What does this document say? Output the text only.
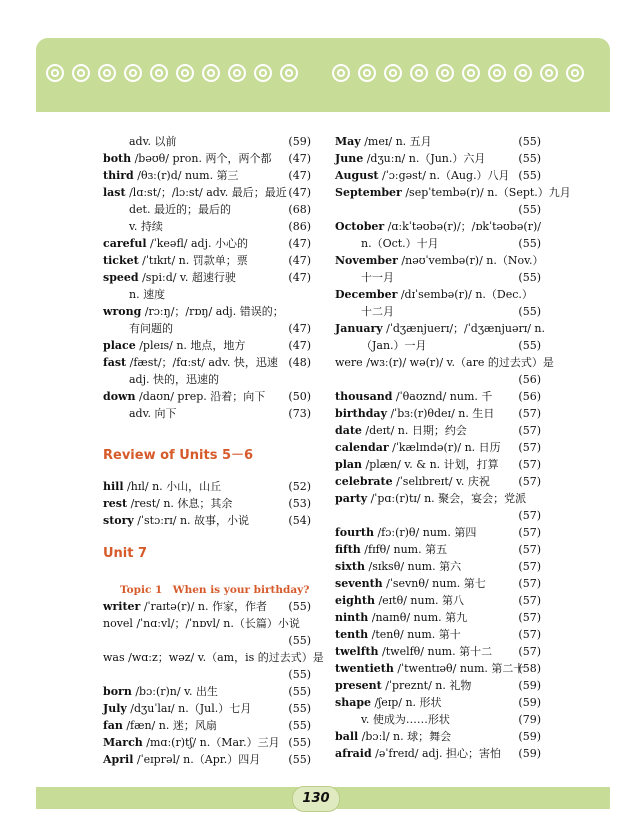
adv. 以前	(59)
both /bəʊθ/ pron. 两个，两个都 (47)
third /θɜː(r)d/ num. 第三	(47)
last /lɑːst/；/lɔːst/ adv. 最后；最近 (47)
det. 最近的；最后的	(68)
v. 持续	(86)
careful /ˈkeəfl/ adj. 小心的	(47)
ticket /ˈtɪkɪt/ n. 罚款单；票	(47)
speed /spiːd/ v. 超速行驶	(47)
n. 速度
wrong /rɔːŋ/；/rɒŋ/ adj. 错误的；
有问题的	(47)
place /pleɪs/ n. 地点，地方	(47)
fast /fæst/；/fɑːst/ adv. 快，迅速 (48)
adj. 快的，迅速的
down /daʊn/ prep. 沿着；向下 (50)
adv. 向下	(73)
Review of Units 5－6
hill /hɪl/ n. 小山，山丘	(52)
rest /rest/ n. 休息；其余	(53)
story /ˈstɔːrɪ/ n. 故事，小说	(54)
Unit 7
Topic 1　When is your birthday?
writer /ˈraɪtə(r)/ n. 作家，作者 (55)
novel /ˈnɑːvl/；/ˈnɒvl/ n.（长篇）小说
(55)
was /wɑːz；wəz/ v.（am，is 的过去式）是
(55)
born /bɔː(r)n/ v. 出生	(55)
July /dʒuˈlaɪ/ n.（Jul.）七月	(55)
fan /fæn/ n. 迷；风扇	(55)
March /mɑː(r)tʃ/ n.（Mar.）三月 (55)
April /ˈeɪprəl/ n.（Apr.）四月	(55)
May /meɪ/ n. 五月	(55)
June /dʒuːn/ n.（Jun.）六月	(55)
August /ˈɔːgəst/ n.（Aug.）八月 (55)
September /sepˈtembə(r)/ n.（Sept.）九月
(55)
October /ɑːkˈtəʊbə(r)/；/ɒkˈtəʊbə(r)/
n.（Oct.）十月	(55)
November /nəʊˈvembə(r)/ n.（Nov.）
十一月	(55)
December /dɪˈsembə(r)/ n.（Dec.）
十二月	(55)
January /ˈdʒænjuerɪ/；/ˈdʒænjuərɪ/ n.
（Jan.）一月	(55)
were /wɜː(r)/ wə(r)/ v.（are 的过去式）是
(56)
thousand /ˈθaʊznd/ num. 千 (56)
birthday /ˈbɜː(r)θdeɪ/ n. 生日 (57)
date /deɪt/ n. 日期；约会	(57)
calendar /ˈkælɪndə(r)/ n. 日历 (57)
plan /plæn/ v. & n. 计划，打算 (57)
celebrate /ˈselɪbreɪt/ v. 庆祝	(57)
party /ˈpɑː(r)tɪ/ n. 聚会，宴会；党派
(57)
fourth /fɔː(r)θ/ num. 第四	(57)
fifth /fɪfθ/ num. 第五	(57)
sixth /sɪksθ/ num. 第六	(57)
seventh /ˈsevnθ/ num. 第七	(57)
eighth /eɪtθ/ num. 第八	(57)
ninth /naɪnθ/ num. 第九	(57)
tenth /tenθ/ num. 第十	(57)
twelfth /twelfθ/ num. 第十二 (57)
twentieth /ˈtwentɪəθ/ num. 第二十
(58)
present /ˈpreznt/ n. 礼物	(59)
shape /ʃeɪp/ n. 形状	(59)
v. 使成为……形状	(79)
ball /bɔːl/ n. 球；舞会	(59)
afraid /əˈfreɪd/ adj. 担心；害怕 (59)
130
